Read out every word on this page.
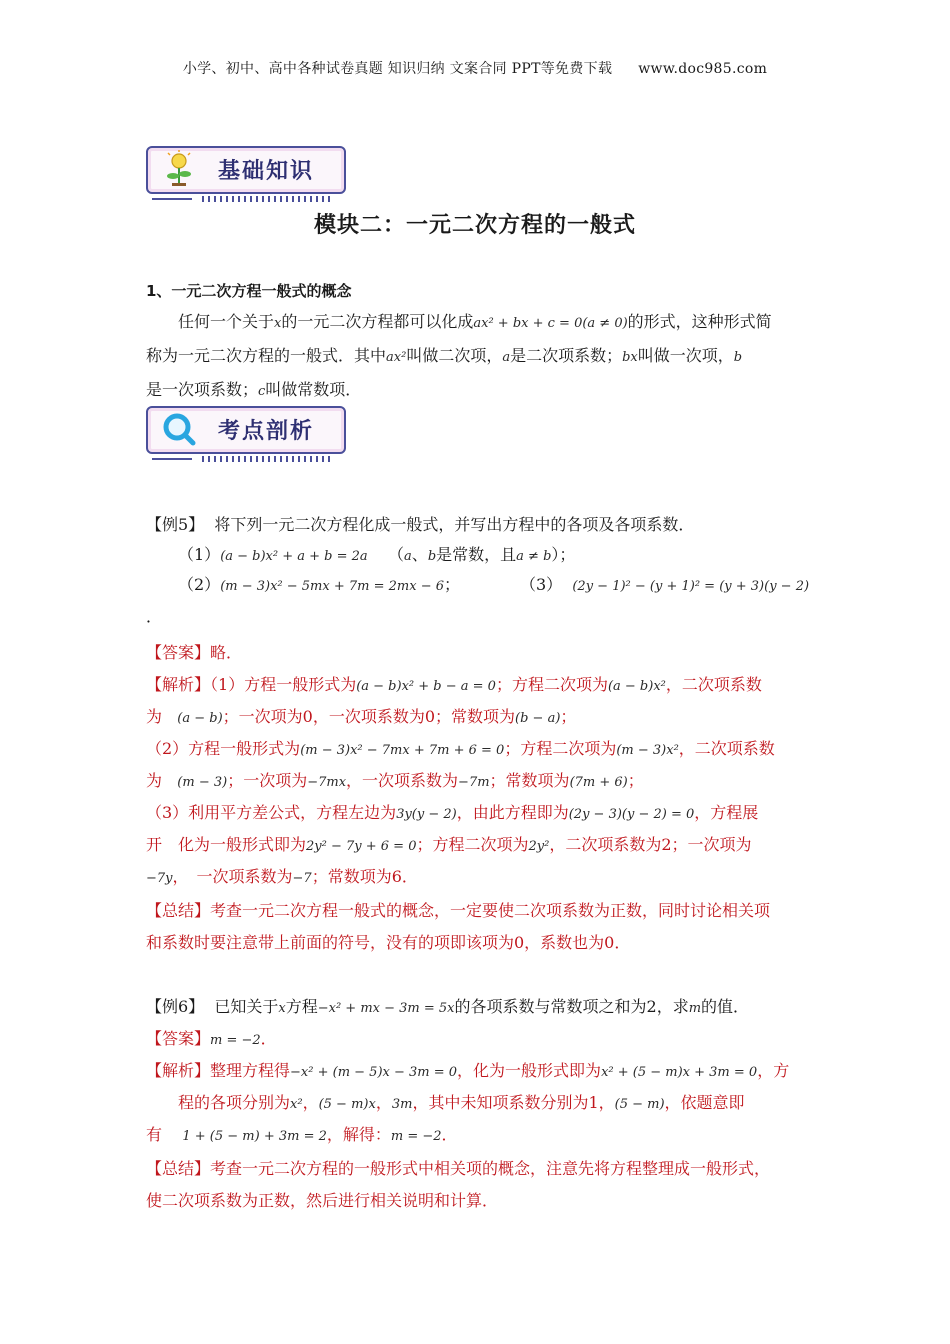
小学、初中、高中各种试卷真题 知识归纳 文案合同 PPT等免费下载 www.doc985.com
基础知识
模块二：一元二次方程的一般式
1、一元二次方程一般式的概念
任何一个关于x的一元二次方程都可以化成ax² + bx + c = 0(a ≠ 0)的形式，这种形式简
称为一元二次方程的一般式．其中ax²叫做二次项，a是二次项系数；bx叫做一次项，b
是一次项系数；c叫做常数项．
考点剖析
【例5】 将下列一元二次方程化成一般式，并写出方程中的各项及各项系数．
（1）(a − b)x² + a + b = 2a （a、b是常数，且a ≠ b）；
（2）(m − 3)x² − 5mx + 7m = 2mx − 6；	（3） (2y − 1)² − (y + 1)² = (y + 3)(y − 2)
．
【答案】略．
【解析】（1）方程一般形式为(a − b)x² + b − a = 0；方程二次项为(a − b)x²，二次项系数
为 (a − b)；一次项为0，一次项系数为0；常数项为(b − a)；
（2）方程一般形式为(m − 3)x² − 7mx + 7m + 6 = 0；方程二次项为(m − 3)x²，二次项系数
为 (m − 3)；一次项为−7mx，一次项系数为−7m；常数项为(7m + 6)；
（3）利用平方差公式，方程左边为3y(y − 2)，由此方程即为(2y − 3)(y − 2) = 0，方程展
开　化为一般形式即为2y² − 7y + 6 = 0；方程二次项为2y²，二次项系数为2；一次项为
−7y，　一次项系数为−7；常数项为6．
【总结】考查一元二次方程一般式的概念，一定要使二次项系数为正数，同时讨论相关项
和系数时要注意带上前面的符号，没有的项即该项为0，系数也为0．
【例6】 已知关于x方程−x² + mx − 3m = 5x的各项系数与常数项之和为2，求m的值．
【答案】m = −2．
【解析】整理方程得−x² + (m − 5)x − 3m = 0，化为一般形式即为x² + (5 − m)x + 3m = 0，方
程的各项分别为x²，(5 − m)x，3m，其中未知项系数分别为1，(5 − m)，依题意即
有 1 + (5 − m) + 3m = 2，解得：m = −2．
【总结】考查一元二次方程的一般形式中相关项的概念，注意先将方程整理成一般形式，
使二次项系数为正数，然后进行相关说明和计算．
